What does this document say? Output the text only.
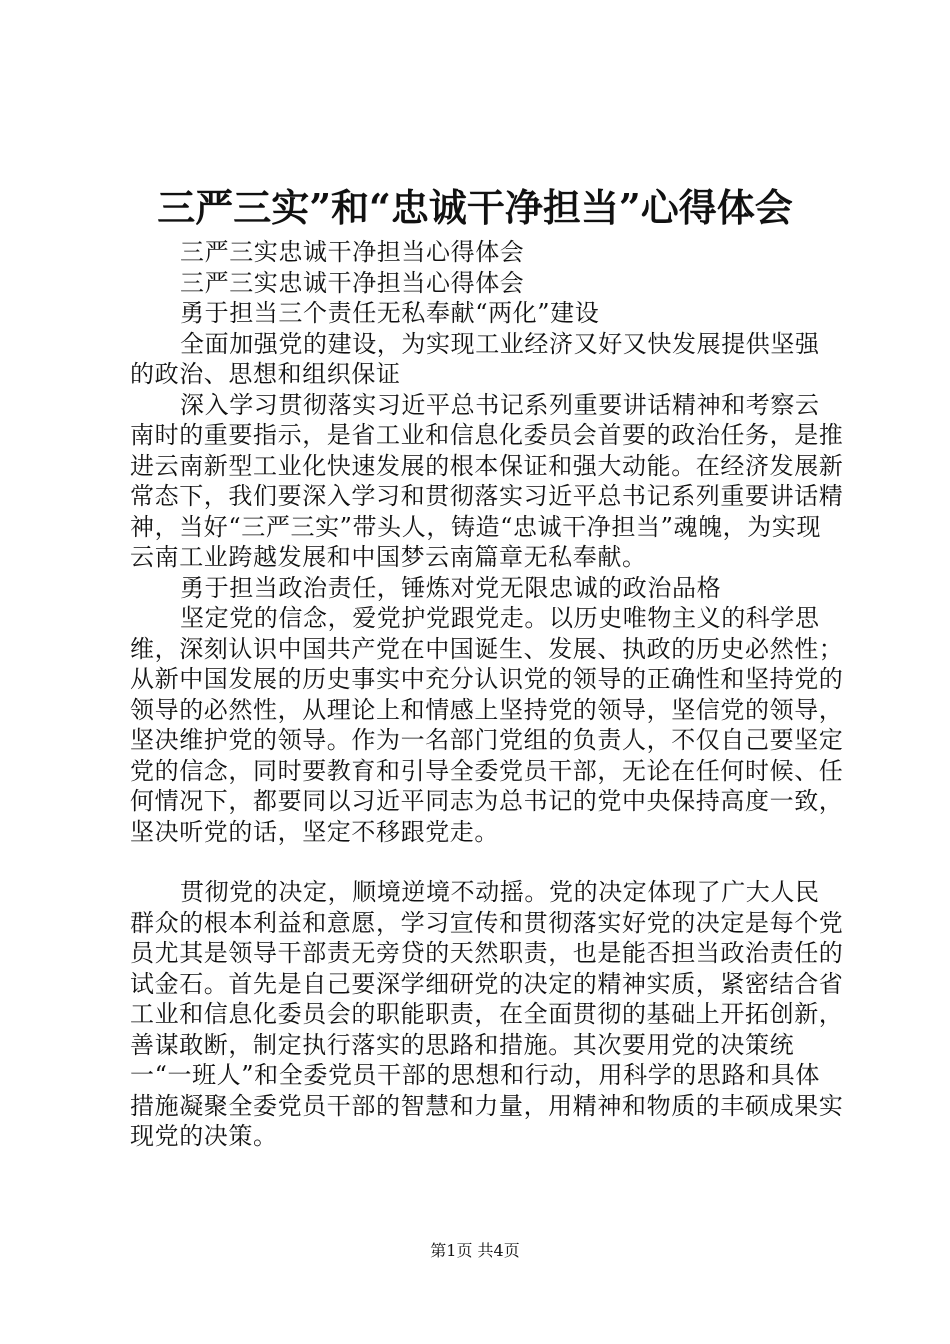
三严三实”和“忠诚干净担当”心得体会

三严三实忠诚干净担当心得体会

三严三实忠诚干净担当心得体会

勇于担当三个责任无私奉献“两化”建设

全面加强党的建设，为实现工业经济又好又快发展提供坚强的政治、思想和组织保证

深入学习贯彻落实习近平总书记系列重要讲话精神和考察云南时的重要指示，是省工业和信息化委员会首要的政治任务，是推进云南新型工业化快速发展的根本保证和强大动能。在经济发展新常态下，我们要深入学习和贯彻落实习近平总书记系列重要讲话精神，当好“三严三实”带头人，铸造“忠诚干净担当”魂魄，为实现云南工业跨越发展和中国梦云南篇章无私奉献。

勇于担当政治责任，锤炼对党无限忠诚的政治品格

坚定党的信念，爱党护党跟党走。以历史唯物主义的科学思维，深刻认识中国共产党在中国诞生、发展、执政的历史必然性；从新中国发展的历史事实中充分认识党的领导的正确性和坚持党的领导的必然性，从理论上和情感上坚持党的领导，坚信党的领导，坚决维护党的领导。作为一名部门党组的负责人，不仅自己要坚定党的信念，同时要教育和引导全委党员干部，无论在任何时候、任何情况下，都要同以习近平同志为总书记的党中央保持高度一致，坚决听党的话，坚定不移跟党走。

贯彻党的决定，顺境逆境不动摇。党的决定体现了广大人民群众的根本利益和意愿，学习宣传和贯彻落实好党的决定是每个党员尤其是领导干部责无旁贷的天然职责，也是能否担当政治责任的试金石。首先是自己要深学细研党的决定的精神实质，紧密结合省工业和信息化委员会的职能职责，在全面贯彻的基础上开拓创新，善谋敢断，制定执行落实的思路和措施。其次要用党的决策统一“一班人”和全委党员干部的思想和行动，用科学的思路和具体措施凝聚全委党员干部的智慧和力量，用精神和物质的丰硕成果实现党的决策。

第1页 共4页
